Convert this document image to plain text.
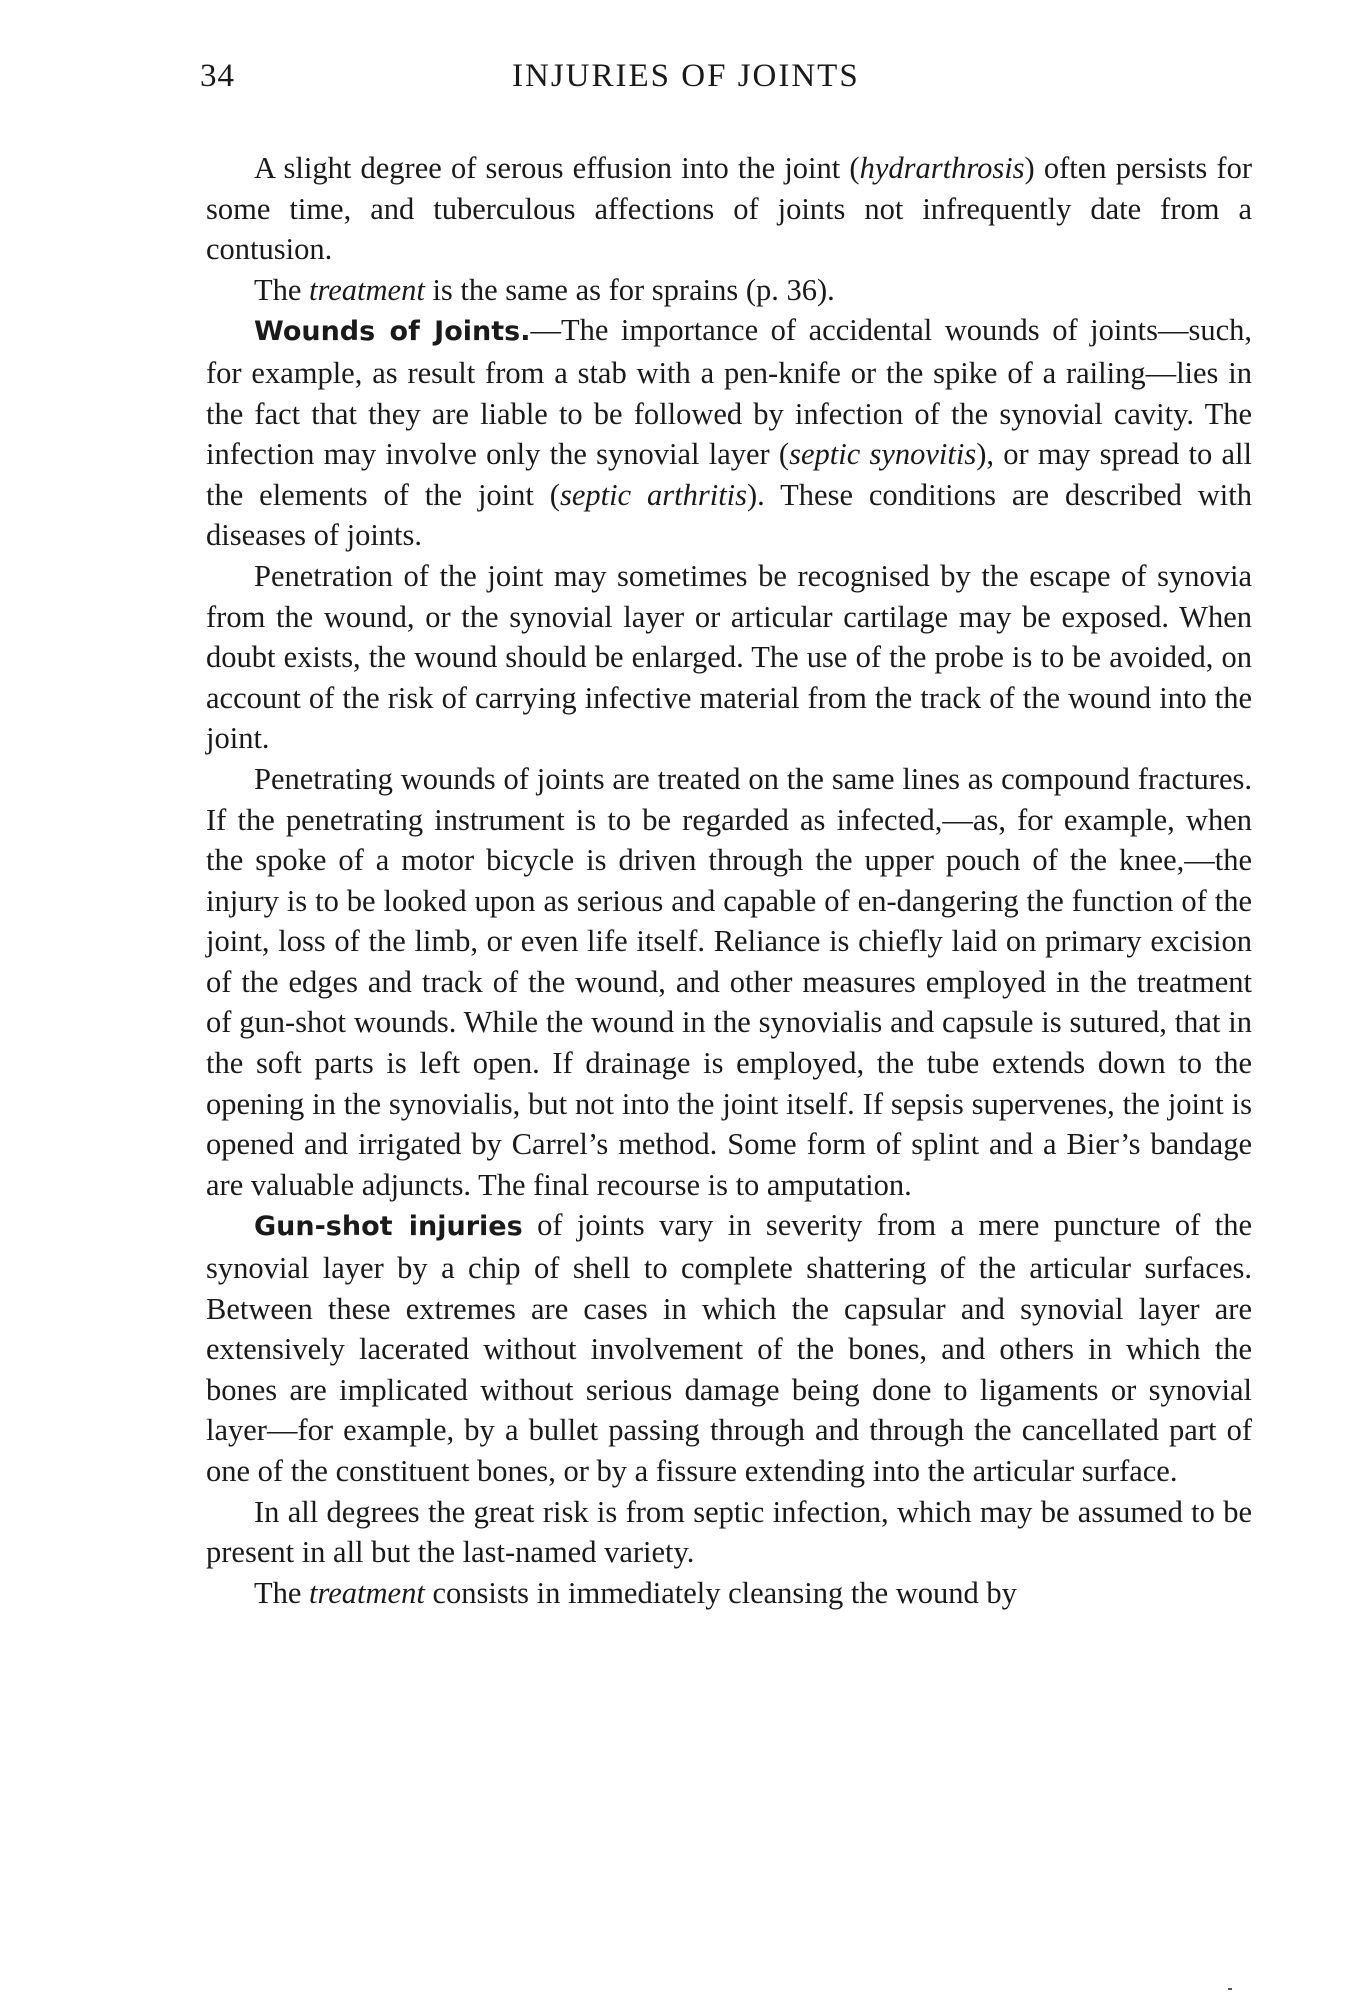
34	INJURIES OF JOINTS

A slight degree of serous effusion into the joint (hydrarthrosis) often persists for some time, and tuberculous affections of joints not infrequently date from a contusion.

The treatment is the same as for sprains (p. 36).

Wounds of Joints.—The importance of accidental wounds of joints—such, for example, as result from a stab with a pen-knife or the spike of a railing—lies in the fact that they are liable to be followed by infection of the synovial cavity. The infection may involve only the synovial layer (septic synovitis), or may spread to all the elements of the joint (septic arthritis). These conditions are described with diseases of joints.

Penetration of the joint may sometimes be recognised by the escape of synovia from the wound, or the synovial layer or articular cartilage may be exposed. When doubt exists, the wound should be enlarged. The use of the probe is to be avoided, on account of the risk of carrying infective material from the track of the wound into the joint.

Penetrating wounds of joints are treated on the same lines as compound fractures. If the penetrating instrument is to be regarded as infected,—as, for example, when the spoke of a motor bicycle is driven through the upper pouch of the knee,—the injury is to be looked upon as serious and capable of en-dangering the function of the joint, loss of the limb, or even life itself. Reliance is chiefly laid on primary excision of the edges and track of the wound, and other measures employed in the treatment of gun-shot wounds. While the wound in the synovialis and capsule is sutured, that in the soft parts is left open. If drainage is employed, the tube extends down to the opening in the synovialis, but not into the joint itself. If sepsis supervenes, the joint is opened and irrigated by Carrel’s method. Some form of splint and a Bier’s bandage are valuable adjuncts. The final recourse is to amputation.

Gun-shot injuries of joints vary in severity from a mere puncture of the synovial layer by a chip of shell to complete shattering of the articular surfaces. Between these extremes are cases in which the capsular and synovial layer are extensively lacerated without involvement of the bones, and others in which the bones are implicated without serious damage being done to ligaments or synovial layer—for example, by a bullet passing through and through the cancellated part of one of the constituent bones, or by a fissure extending into the articular surface.

In all degrees the great risk is from septic infection, which may be assumed to be present in all but the last-named variety.

The treatment consists in immediately cleansing the wound by
